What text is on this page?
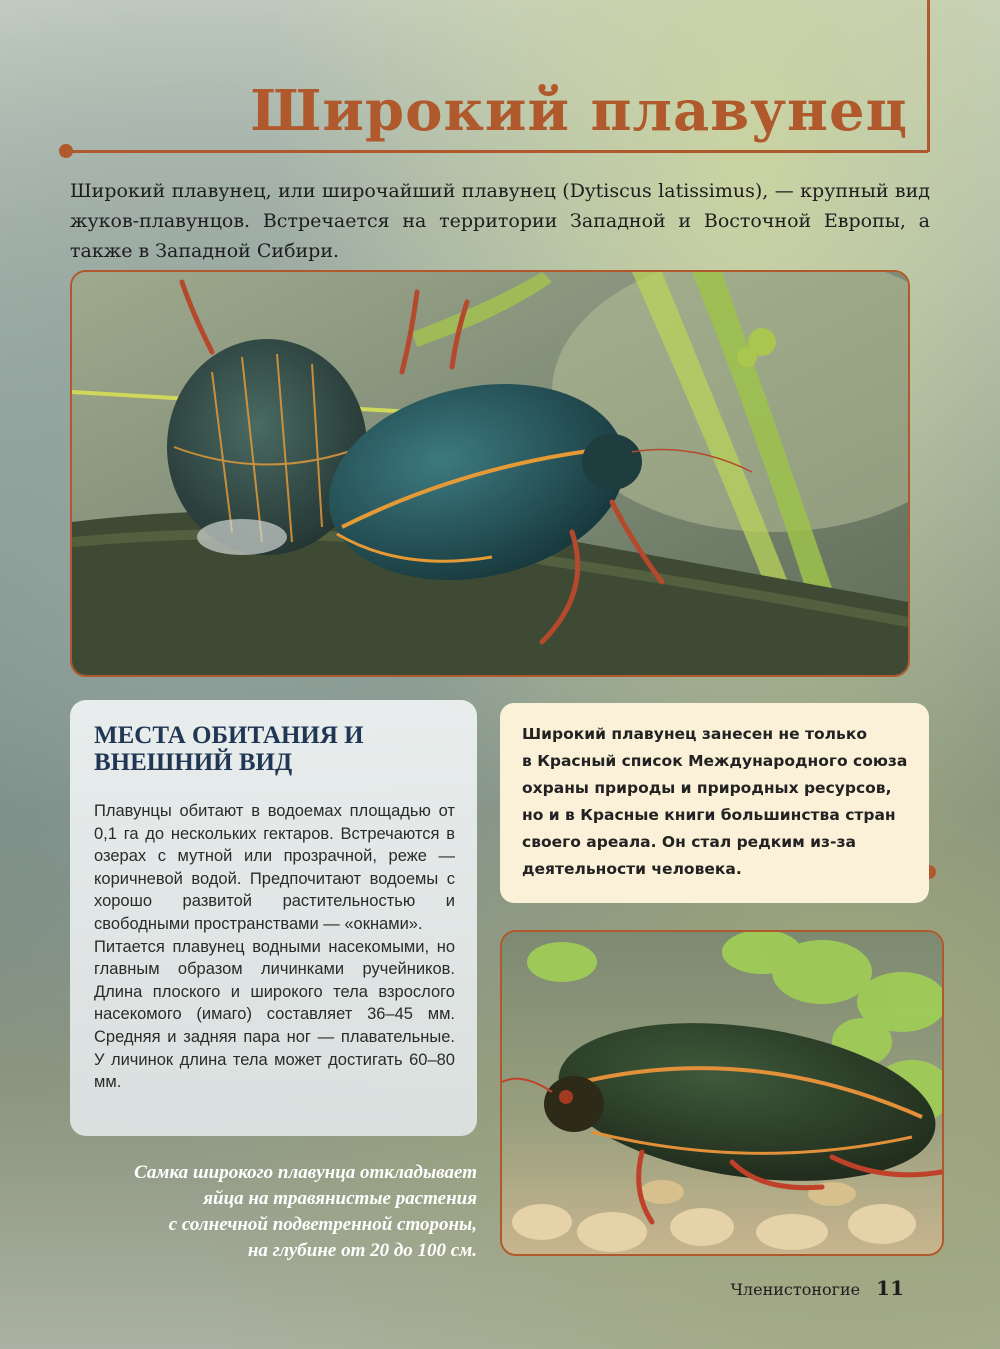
Широкий плавунец

Широкий плавунец, или широчайший плавунец (Dytiscus latissimus), — крупный вид жуков-плавунцов. Встречается на территории Западной и Восточной Европы, а также в Западной Сибири.

МЕСТА ОБИТАНИЯ И ВНЕШНИЙ ВИД

Плавунцы обитают в водоемах площадью от 0,1 га до нескольких гектаров. Встречаются в озерах с мутной или прозрачной, реже — коричневой водой. Предпочитают водоемы с хорошо развитой растительностью и свободными пространствами — «окнами».
Питается плавунец водными насекомыми, но главным образом личинками ручейников. Длина плоского и широкого тела взрослого насекомого (имаго) составляет 36–45 мм. Средняя и задняя пара ног — плавательные. У личинок длина тела может достигать 60–80 мм.

Широкий плавунец занесен не только
в Красный список Международного союза
охраны природы и природных ресурсов,
но и в Красные книги большинства стран
своего ареала. Он стал редким из-за
деятельности человека.

Самка широкого плавунца откладывает
яйца на травянистые растения
с солнечной подветренной стороны,
на глубине от 20 до 100 см.

Членистоногие 11
